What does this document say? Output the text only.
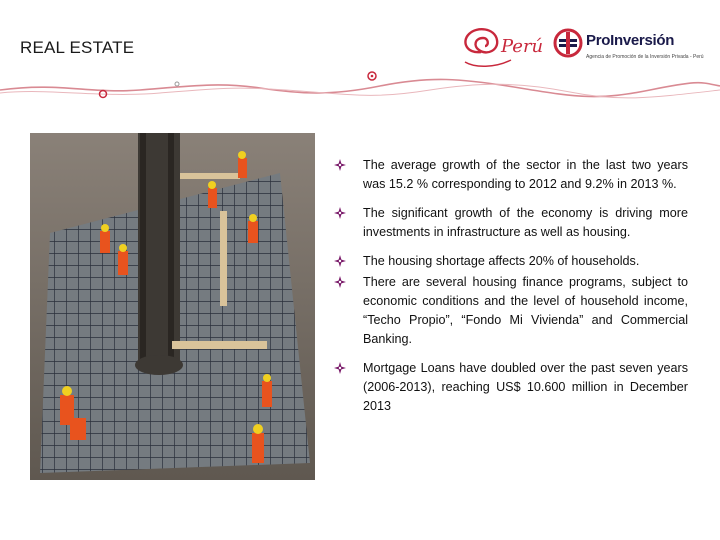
REAL ESTATE	Perú	ProInversión
Agencia de Promoción de la Inversión Privada - Perú
The average growth of the sector in the last two years was 15.2 % corresponding to 2012 and 9.2% in 2013 %.
The significant growth of the economy is driving more investments in infrastructure as well as housing.
The housing shortage affects 20% of households.
There are several housing finance programs, subject to economic conditions and the level of household income, “Techo Propio”, “Fondo Mi Vivienda” and Commercial Banking.
Mortgage Loans have doubled over the past seven years (2006-2013), reaching US$ 10.600 million in December 2013
